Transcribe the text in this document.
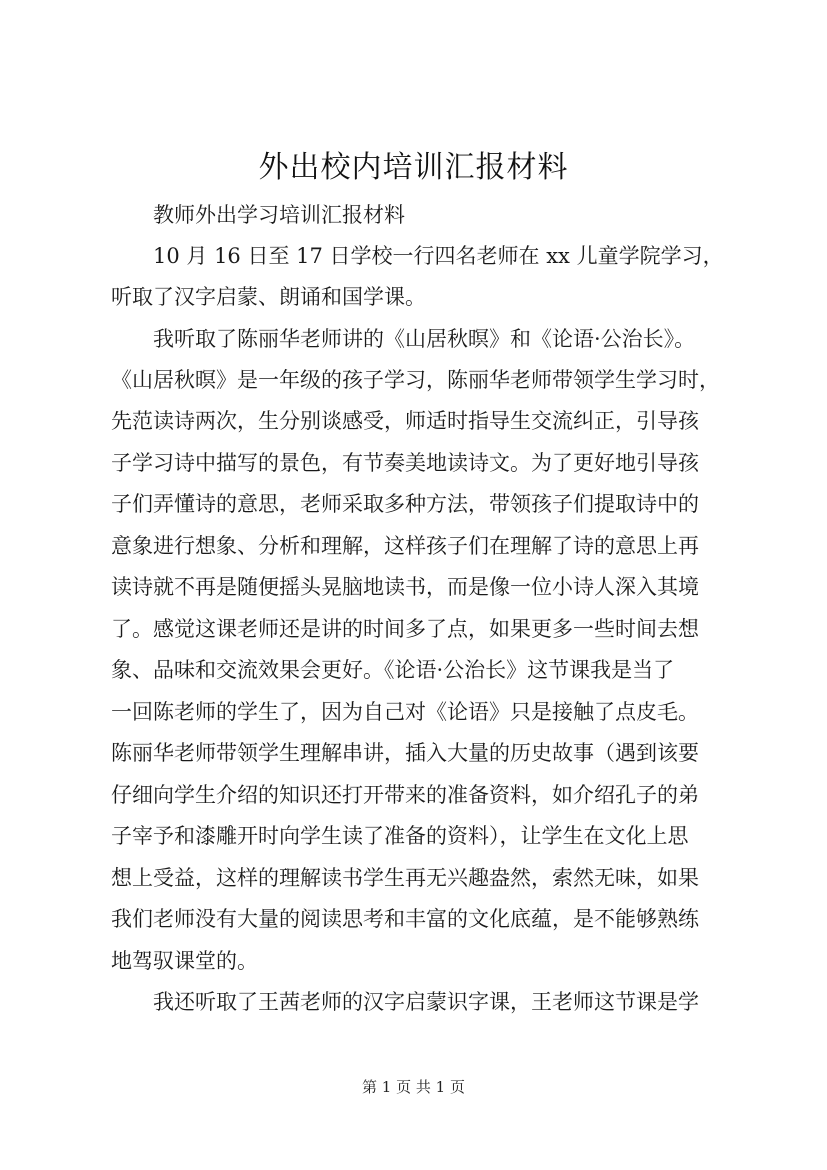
外出校内培训汇报材料
教师外出学习培训汇报材料
10 月 16 日至 17 日学校一行四名老师在 xx 儿童学院学习，
听取了汉字启蒙、朗诵和国学课。
我听取了陈丽华老师讲的《山居秋暝》和《论语·公治长》。
《山居秋暝》是一年级的孩子学习，陈丽华老师带领学生学习时，
先范读诗两次，生分别谈感受，师适时指导生交流纠正，引导孩
子学习诗中描写的景色，有节奏美地读诗文。为了更好地引导孩
子们弄懂诗的意思，老师采取多种方法，带领孩子们提取诗中的
意象进行想象、分析和理解，这样孩子们在理解了诗的意思上再
读诗就不再是随便摇头晃脑地读书，而是像一位小诗人深入其境
了。感觉这课老师还是讲的时间多了点，如果更多一些时间去想
象、品味和交流效果会更好。《论语·公治长》这节课我是当了
一回陈老师的学生了，因为自己对《论语》只是接触了点皮毛。
陈丽华老师带领学生理解串讲，插入大量的历史故事（遇到该要
仔细向学生介绍的知识还打开带来的准备资料，如介绍孔子的弟
子宰予和漆雕开时向学生读了准备的资料），让学生在文化上思
想上受益，这样的理解读书学生再无兴趣盎然，索然无味，如果
我们老师没有大量的阅读思考和丰富的文化底蕴，是不能够熟练
地驾驭课堂的。
我还听取了王茜老师的汉字启蒙识字课，王老师这节课是学
第 1 页 共 1 页
